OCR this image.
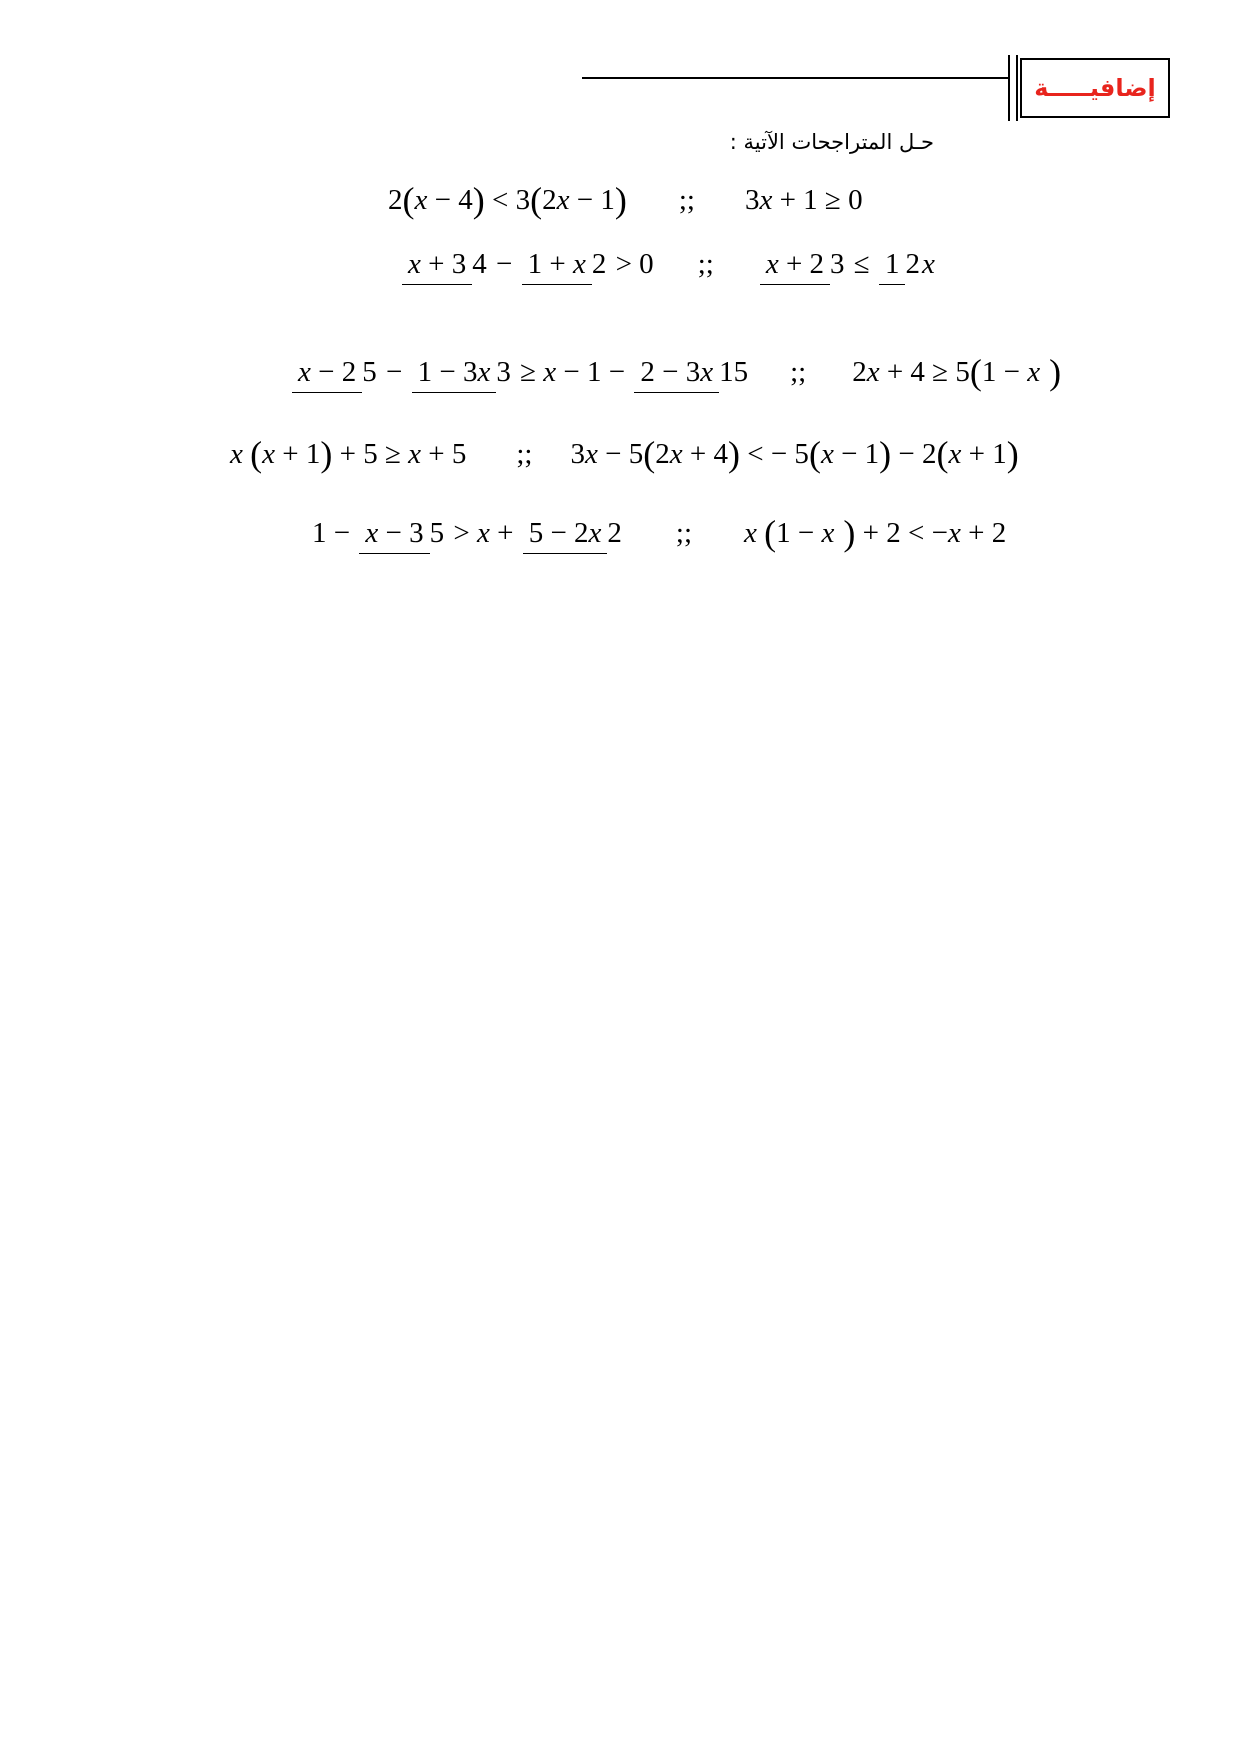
إضافيـــــة
حـل المتراجحات الآتية :
2 ( x − 4 ) < 3 ( 2 x − 1 ) ;; 3 x + 1 ≥ 0
x + 3 4 − 1 + x 2 > 0 ;; x + 2 3 ≤ 1 2 x
x − 2 5 − 1 − 3x 3 ≥ x − 1 − 2 − 3x 15 ;; 2 x + 4 ≥ 5 ( 1 − x )
x
( x + 1 ) + 5 ≥ x + 5 ;; 3 x − 5 ( 2 x + 4 ) < − 5 ( x − 1 ) − 2 ( x + 1 )
1 − x − 3 5 > x + 5 − 2x 2 ;; x
( 1 − x ) + 2 < − x + 2
